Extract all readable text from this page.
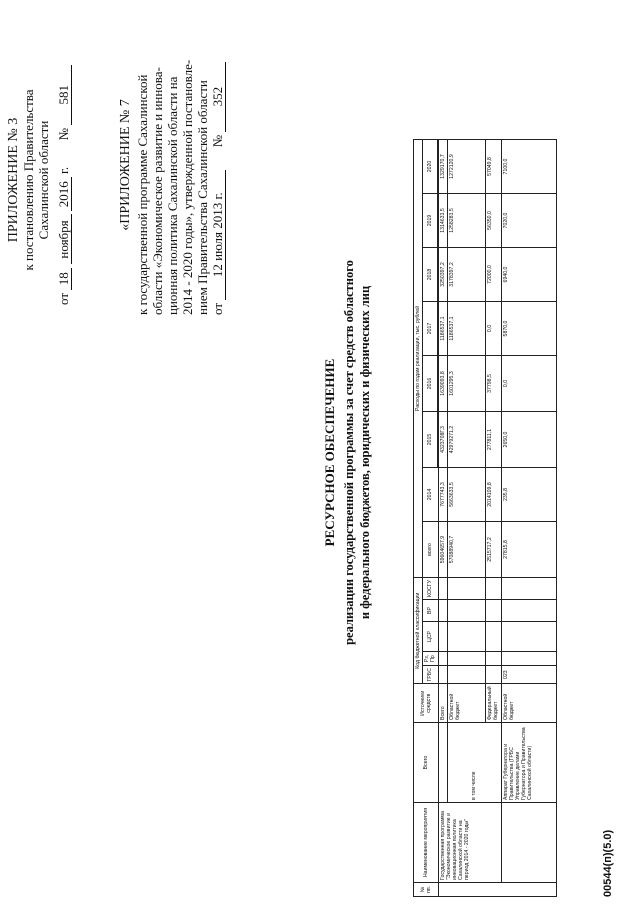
ПРИЛОЖЕНИЕ № 3 к постановлению Правительства Сахалинской области
от 18 ноября 2016 г.  № 581
«ПРИЛОЖЕНИЕ № 7 к государственной программе Сахалинской области «Экономическое развитие и иннова- ционная политика Сахалинской области на 2014 - 2020 годы», утвержденной постановле- нием Правительства Сахалинской области от 12 июля 2013 г.  № 352
РЕСУРСНОЕ ОБЕСПЕЧЕНИЕ реализации государственной программы за счет средств областного и федерального бюджетов, юридических и физических лиц
№ пп.	Наименование мероприятия	Всего	Источники средств	Код бюджетной классификации					Расходы по годам реализации, тыс. рублей							
				ГРБС	Рз, Пр	ЦСР	ВР	КОСГУ	всего	2014	2015	2016	2017	2018	2019	2020

	Государственная программа "Экономическое развитие и инновационная политика Сахалинской области на период 2014 - 2020 годы"		Всего						59604657,9	7677743,3	4323708Г,3	1639093,8	1186537,1	3250397,2	1314633,5	1329170,7
		в том числе	Областной бюджет						57088940,7	5663633,5	42979271,2	1601295,3	1186537,1	3178397,2	1258283,5	1272120,9
			Федеральный бюджет						2515717,2	2014109,8	277811,1	37798,5	0,0	72000,0	56350,0	57049,8
		Аппарат Губернатора и Правительства (ГРБС Управление делами Губернатора и Правительства Сахалинской области)	Областной бюджет	023					27815,8	235,8	2650,0	0,0	5870,0	6940,0	7020,0	7100,0
00544(п)(5.0)
